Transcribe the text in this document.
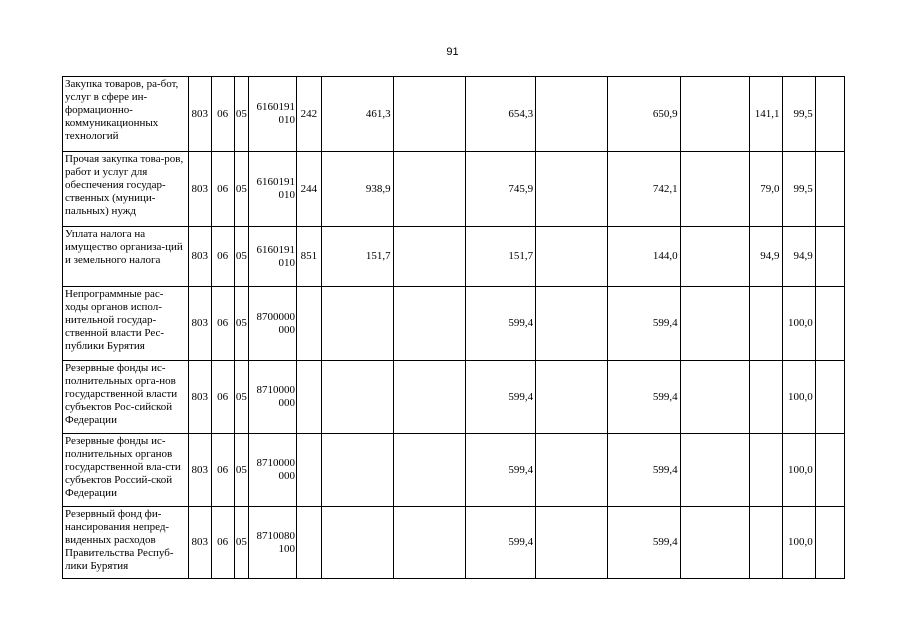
91
Закупка товаров, ра-бот, услуг в сфере ин-формационно-коммуникационных технологий	803	06	05	6160191 010	242	461,3		654,3		650,9		141,1	99,5	
Прочая закупка това-ров, работ и услуг для обеспечения государ-ственных (муници-пальных) нужд	803	06	05	6160191 010	244	938,9		745,9		742,1		79,0	99,5	
Уплата налога на имущество организа-ций и земельного налога	803	06	05	6160191 010	851	151,7		151,7		144,0		94,9	94,9	
Непрограммные рас-ходы органов испол-нительной государ-ственной власти Рес-публики Бурятия	803	06	05	8700000 000				599,4		599,4			100,0	
Резервные фонды ис-полнительных орга-нов государственной власти субъектов Рос-сийской Федерации	803	06	05	8710000 000				599,4		599,4			100,0	
Резервные фонды ис-полнительных органов государственной вла-сти субъектов Россий-ской Федерации	803	06	05	8710000 000				599,4		599,4			100,0	
Резервный фонд фи-нансирования непред-виденных расходов Правительства Респуб-лики Бурятия	803	06	05	8710080 100				599,4		599,4			100,0	
